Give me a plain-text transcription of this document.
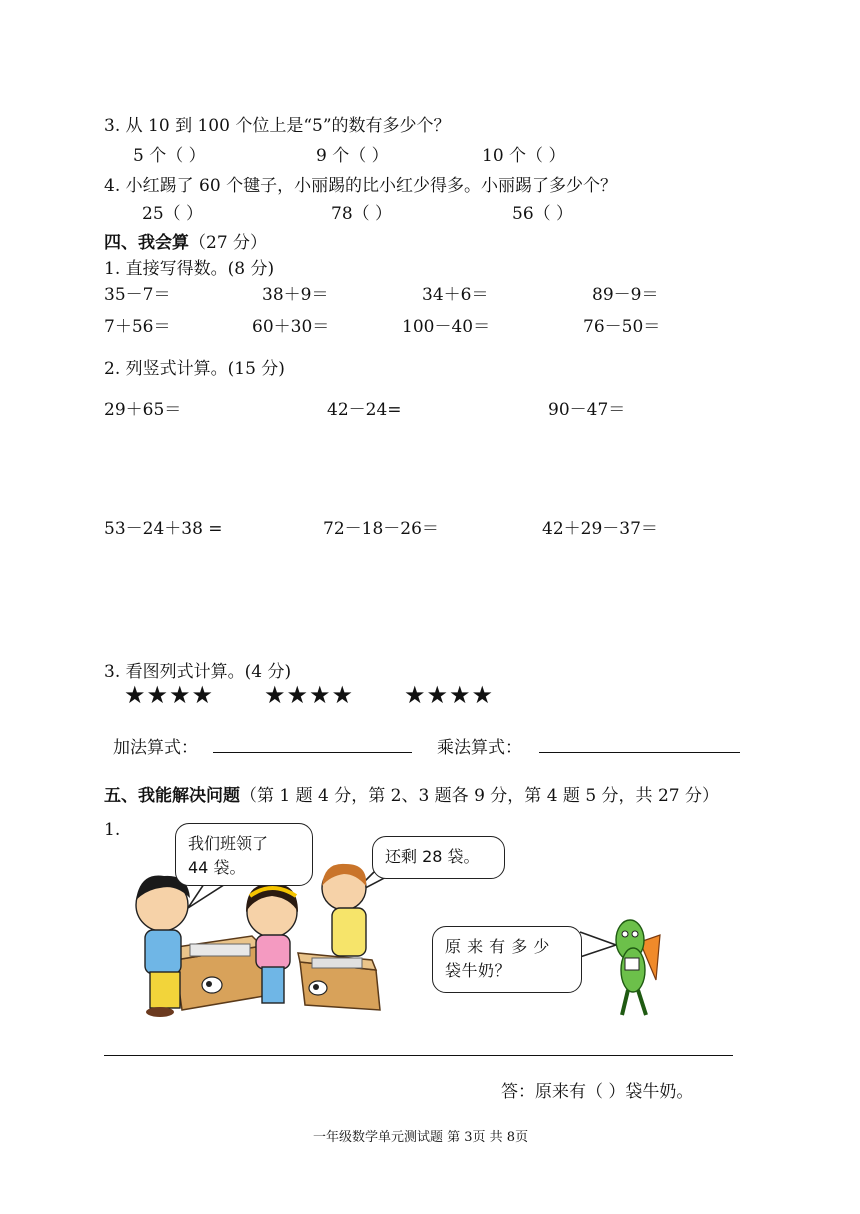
3. 从 10 到 100 个位上是“5”的数有多少个？
5 个（ ）	9 个（ ）	10 个（ ）
4. 小红踢了 60 个毽子，小丽踢的比小红少得多。小丽踢了多少个？
25（ ）	78（ ）	56（ ）
四、我会算（27 分）
1. 直接写得数。(8 分)
35－7＝	38＋9＝	34＋6＝	89－9＝
7＋56＝	60＋30＝	100－40＝	76－50＝
2. 列竖式计算。(15 分)
29＋65＝	42－24=	90－47＝
53－24＋38 =	72－18－26＝	42＋29－37＝
3. 看图列式计算。(4 分)
★★★★ ★★★★ ★★★★
加法算式：	乘法算式：
五、我能解决问题（第 1 题 4 分，第 2、3 题各 9 分，第 4 题 5 分，共 27 分）
1.
我们班领了
44 袋。
还剩 28 袋。
原 来 有 多 少
袋牛奶？
答：原来有（ ）袋牛奶。
一年级数学单元测试题 第 3页 共 8页
